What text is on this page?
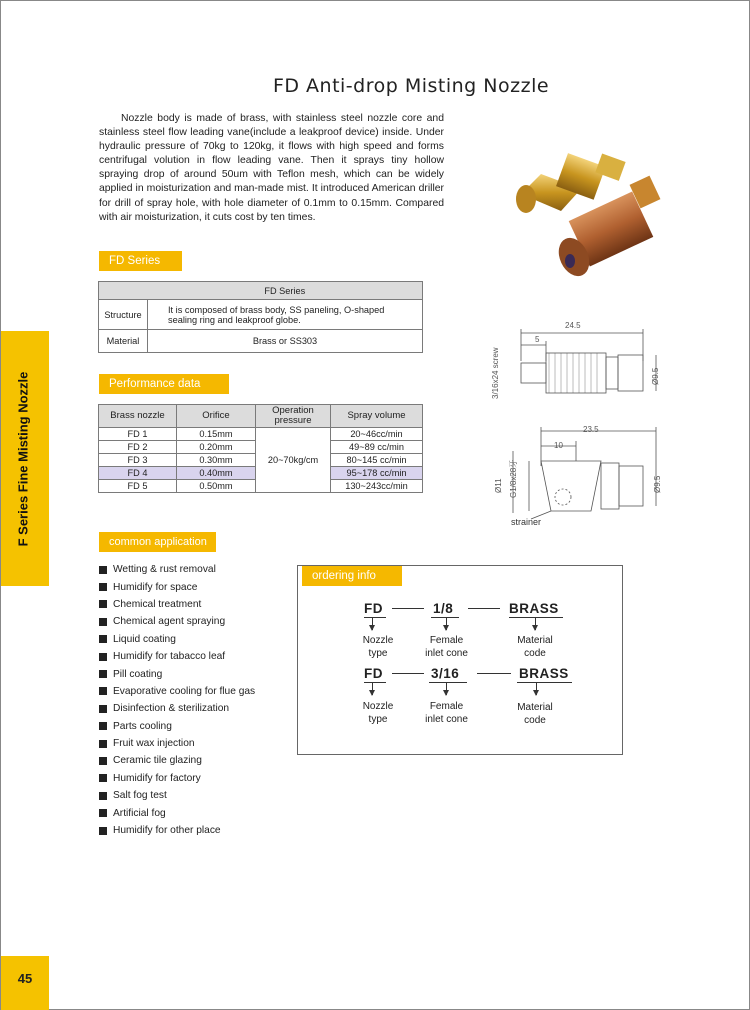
FD Anti-drop Misting Nozzle

Nozzle body is made of brass, with stainless steel nozzle core and stainless steel flow leading vane(include a leakproof device) inside. Under hydraulic pressure of 70kg to 120kg, it flows with high speed and forms centrifugal volution in flow leading vane. Then it sprays tiny hollow spraying drop of around 50um with Teflon mesh, which can be widely applied in moisturization and man-made mist. It introduced American driller for drill of spray hole, with hole diameter of 0.1mm to 0.15mm. Compared with air moisturization, it cuts cost by ten times.

24.5
5
3/16x24 screw	Ø9.5
23.5
10
Ø11 G1/8x28牙	Ø9.5
strainer
F Series Fine Misting Nozzle
45
FD Series
	FD Series
Structure	It is composed of brass body, SS paneling, O-shaped sealing ring and leakproof globe.
Material	Brass or SS303
Performance data
Brass nozzle	Orifice	Operation pressure	Spray volume
FD 1	0.15mm	20~70kg/cm	20~46cc/min
FD 2	0.20mm		49~89 cc/min
FD 3	0.30mm		80~145 cc/min
FD 4	0.40mm		95~178 cc/min
FD 5	0.50mm		130~243cc/min
common application
Wetting & rust removal
Humidify for space
Chemical treatment
Chemical agent spraying
Liquid coating
Humidify for tabacco leaf
Pill coating
Evaporative cooling for flue gas
Disinfection & sterilization
Parts cooling
Fruit wax injection
Ceramic tile glazing
Humidify for factory
Salt fog test
Artificial fog
Humidify for other place
ordering info
FD	1/8	BRASS
Nozzle
type
Female
inlet cone
Material
code
FD	3/16	BRASS
Nozzle
type
Female
inlet cone
Material
code
